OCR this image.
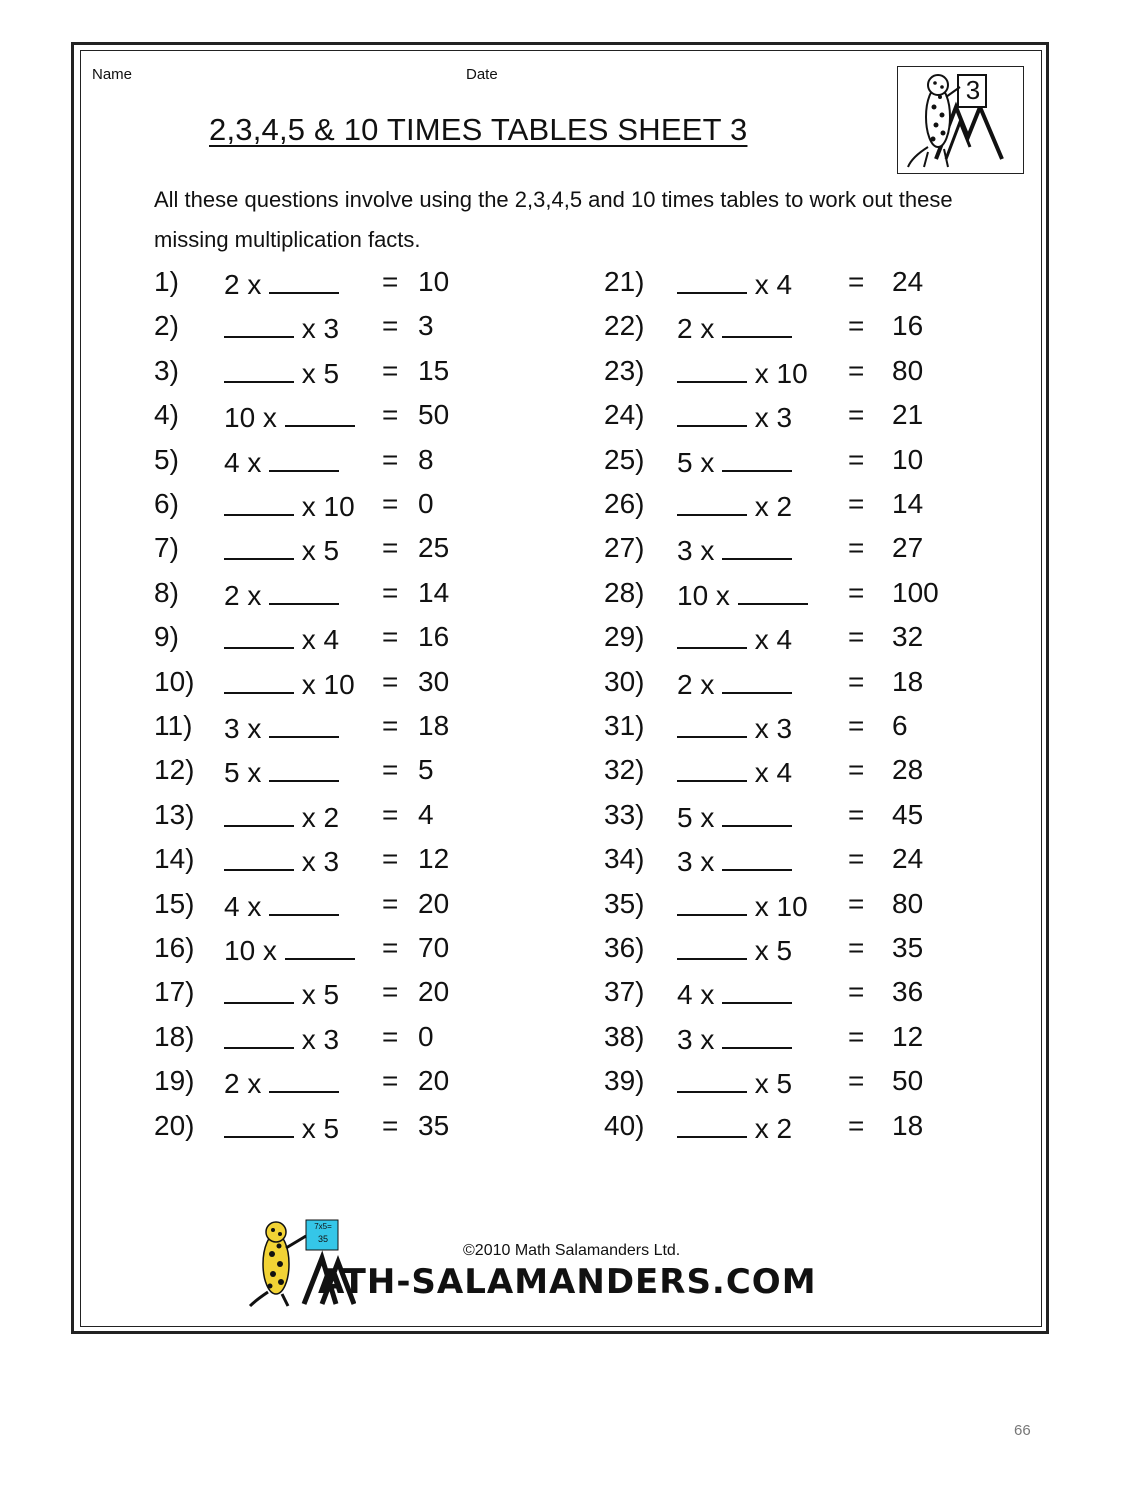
Name	Date
2,3,4,5 & 10 TIMES TABLES SHEET 3
3
All these questions involve using the 2,3,4,5 and 10 times tables to work out these missing multiplication facts.
1) 2 x	= 10
2)	x 3 = 3
3)	x 5 = 15
4) 10 x	= 50
5) 4 x	= 8
6)	x 10 = 0
7)	x 5 = 25
8) 2 x	= 14
9)	x 4 = 16
10)	x 10 = 30
11) 3 x	= 18
12) 5 x	= 5
13)	x 2 = 4
14)	x 3 = 12
15) 4 x	= 20
16) 10 x	= 70
17)	x 5 = 20
18)	x 3 = 0
19) 2 x	= 20
20)	x 5 = 35
21)	x 4 = 24
22) 2 x	= 16
23)	x 10 = 80
24)	x 3 = 21
25) 5 x	= 10
26)	x 2 = 14
27) 3 x	= 27
28) 10 x	= 100
29)	x 4 = 32
30) 2 x	= 18
31)	x 3 = 6
32)	x 4 = 28
33) 5 x	= 45
34) 3 x	= 24
35)	x 10 = 80
36)	x 5 = 35
37) 4 x	= 36
38) 3 x	= 12
39)	x 5 = 50
40)	x 2 = 18
7x5=
35
©2010 Math Salamanders Ltd.
ATH-SALAMANDERS.COM
66
